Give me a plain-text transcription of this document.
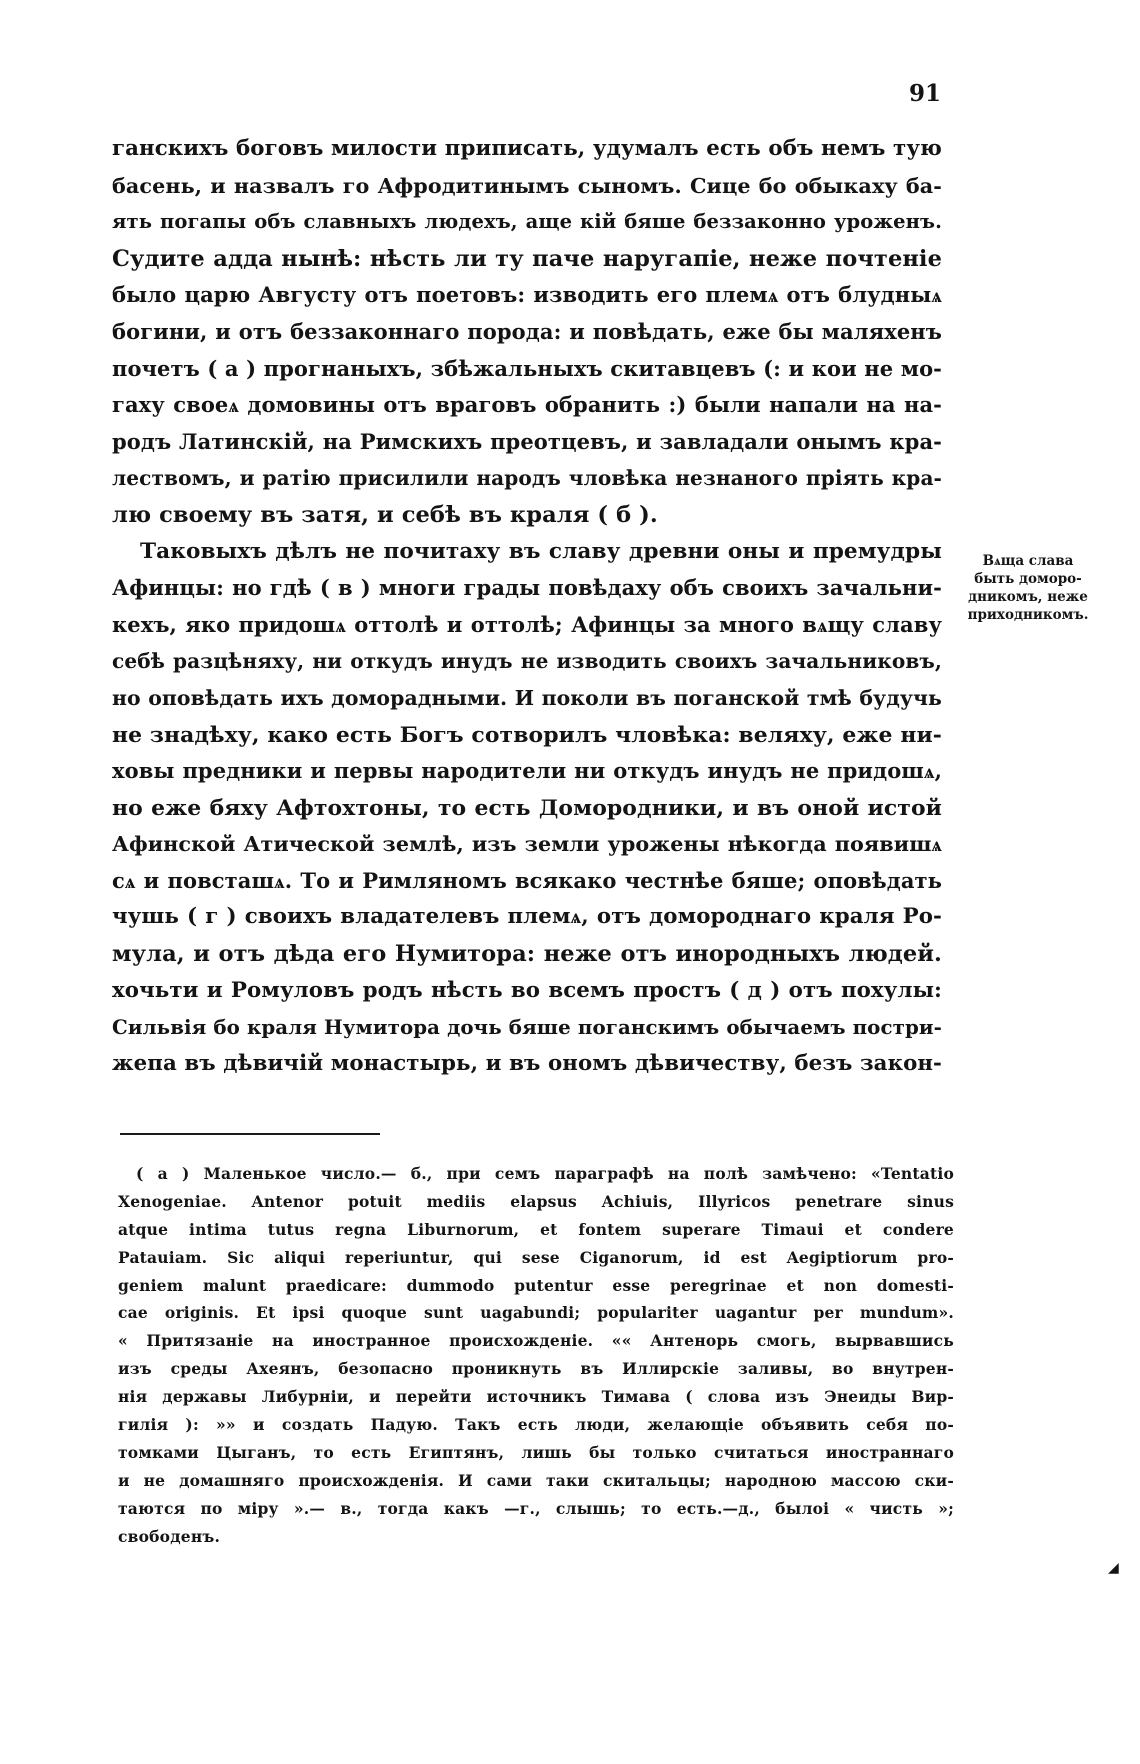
91
ганскихъ боговъ милости приписать, удумалъ есть объ немъ тую
басень, и назвалъ го Афродитинымъ сыномъ. Сице бо обыкаху ба-
ять погапы объ славныхъ людехъ, аще кій бяше беззаконно уроженъ.
Судите адда нынѣ: нѣсть ли ту паче наругапіе, неже почтеніе
было царю Августу отъ поетовъ: изводить его племѧ отъ блудныѧ
богини, и отъ беззаконнаго порода: и повѣдать, еже бы маляхенъ
почетъ ( а ) прогнаныхъ, збѣжальныхъ скитавцевъ (: и кои не мо-
гаху своеѧ домовины отъ враговъ обранить :) были напали на на-
родъ Латинскій, на Римскихъ преотцевъ, и завладали онымъ кра-
лествомъ, и ратію присилили народъ чловѣка незнаного пріять кра-
лю своему въ затя, и себѣ въ краля ( б ).
Таковыхъ дѣлъ не почитаху въ славу древни оны и премудры
Афинцы: но гдѣ ( в ) многи грады повѣдаху объ своихъ зачальни-
кехъ, яко придошѧ оттолѣ и оттолѣ; Афинцы за много вѧщу славу
себѣ разцѣняху, ни откудъ инудъ не изводить своихъ зачальниковъ,
но оповѣдать ихъ доморадными. И поколи въ поганской тмѣ будучь
не знадѣху, како есть Богъ сотворилъ чловѣка: веляху, еже ни-
ховы предники и первы народители ни откудъ инудъ не придошѧ,
но еже бяху Афтохтоны, то есть Домородники, и въ оной истой
Афинской Атической землѣ, изъ земли урожены нѣкогда появишѧ
сѧ и повсташѧ. То и Римляномъ всякако честнѣе бяше; оповѣдать
чушь ( г ) своихъ владателевъ племѧ, отъ домороднаго краля Ро-
мула, и отъ дѣда его Нумитора: неже отъ инородныхъ людей.
хочьти и Ромуловъ родъ нѣсть во всемъ простъ ( д ) отъ похулы:
Сильвія бо краля Нумитора дочь бяше поганскимъ обычаемъ постри-
жепа въ дѣвичій монастырь, и въ ономъ дѣвичеству, безъ закон-
Вѧща слава
быть доморо-
дникомъ, неже
приходникомъ.
( а ) Маленькое число.— б., при семъ параграфѣ на полѣ замѣчено: «Tentatio
Xenogeniae. Antenor potuit mediis elapsus Achiuis, Illyricos penetrare sinus
atque intima tutus regna Liburnorum, et fontem superare Timaui et condere
Patauiam. Sic aliqui reperiuntur, qui sese Ciganorum, id est Aegiptiorum pro-
geniem malunt praedicare: dummodo putentur esse peregrinae et non domesti-
cae originis. Et ipsi quoque sunt uagabundi; populariter uagantur per mundum».
« Притязаніе на иностранное происхожденіе. «« Антенорь смогь, вырвавшись
изъ среды Ахеянъ, безопасно проникнуть въ Иллирскіе заливы, во внутрен-
нія державы Либурніи, и перейти источникъ Тимава ( слова изъ Энеиды Вир-
гилія ): »» и создать Падую. Такъ есть люди, желающіе объявить себя по-
томками Цыганъ, то есть Египтянъ, лишь бы только считаться иностраннаго
и не домашняго происхожденія. И сами таки скитальцы; народною массою ски-
таются по міру ».— в., тогда какъ —г., слышь; то есть.—д., былоі « чисть »;
свободенъ.
◢
